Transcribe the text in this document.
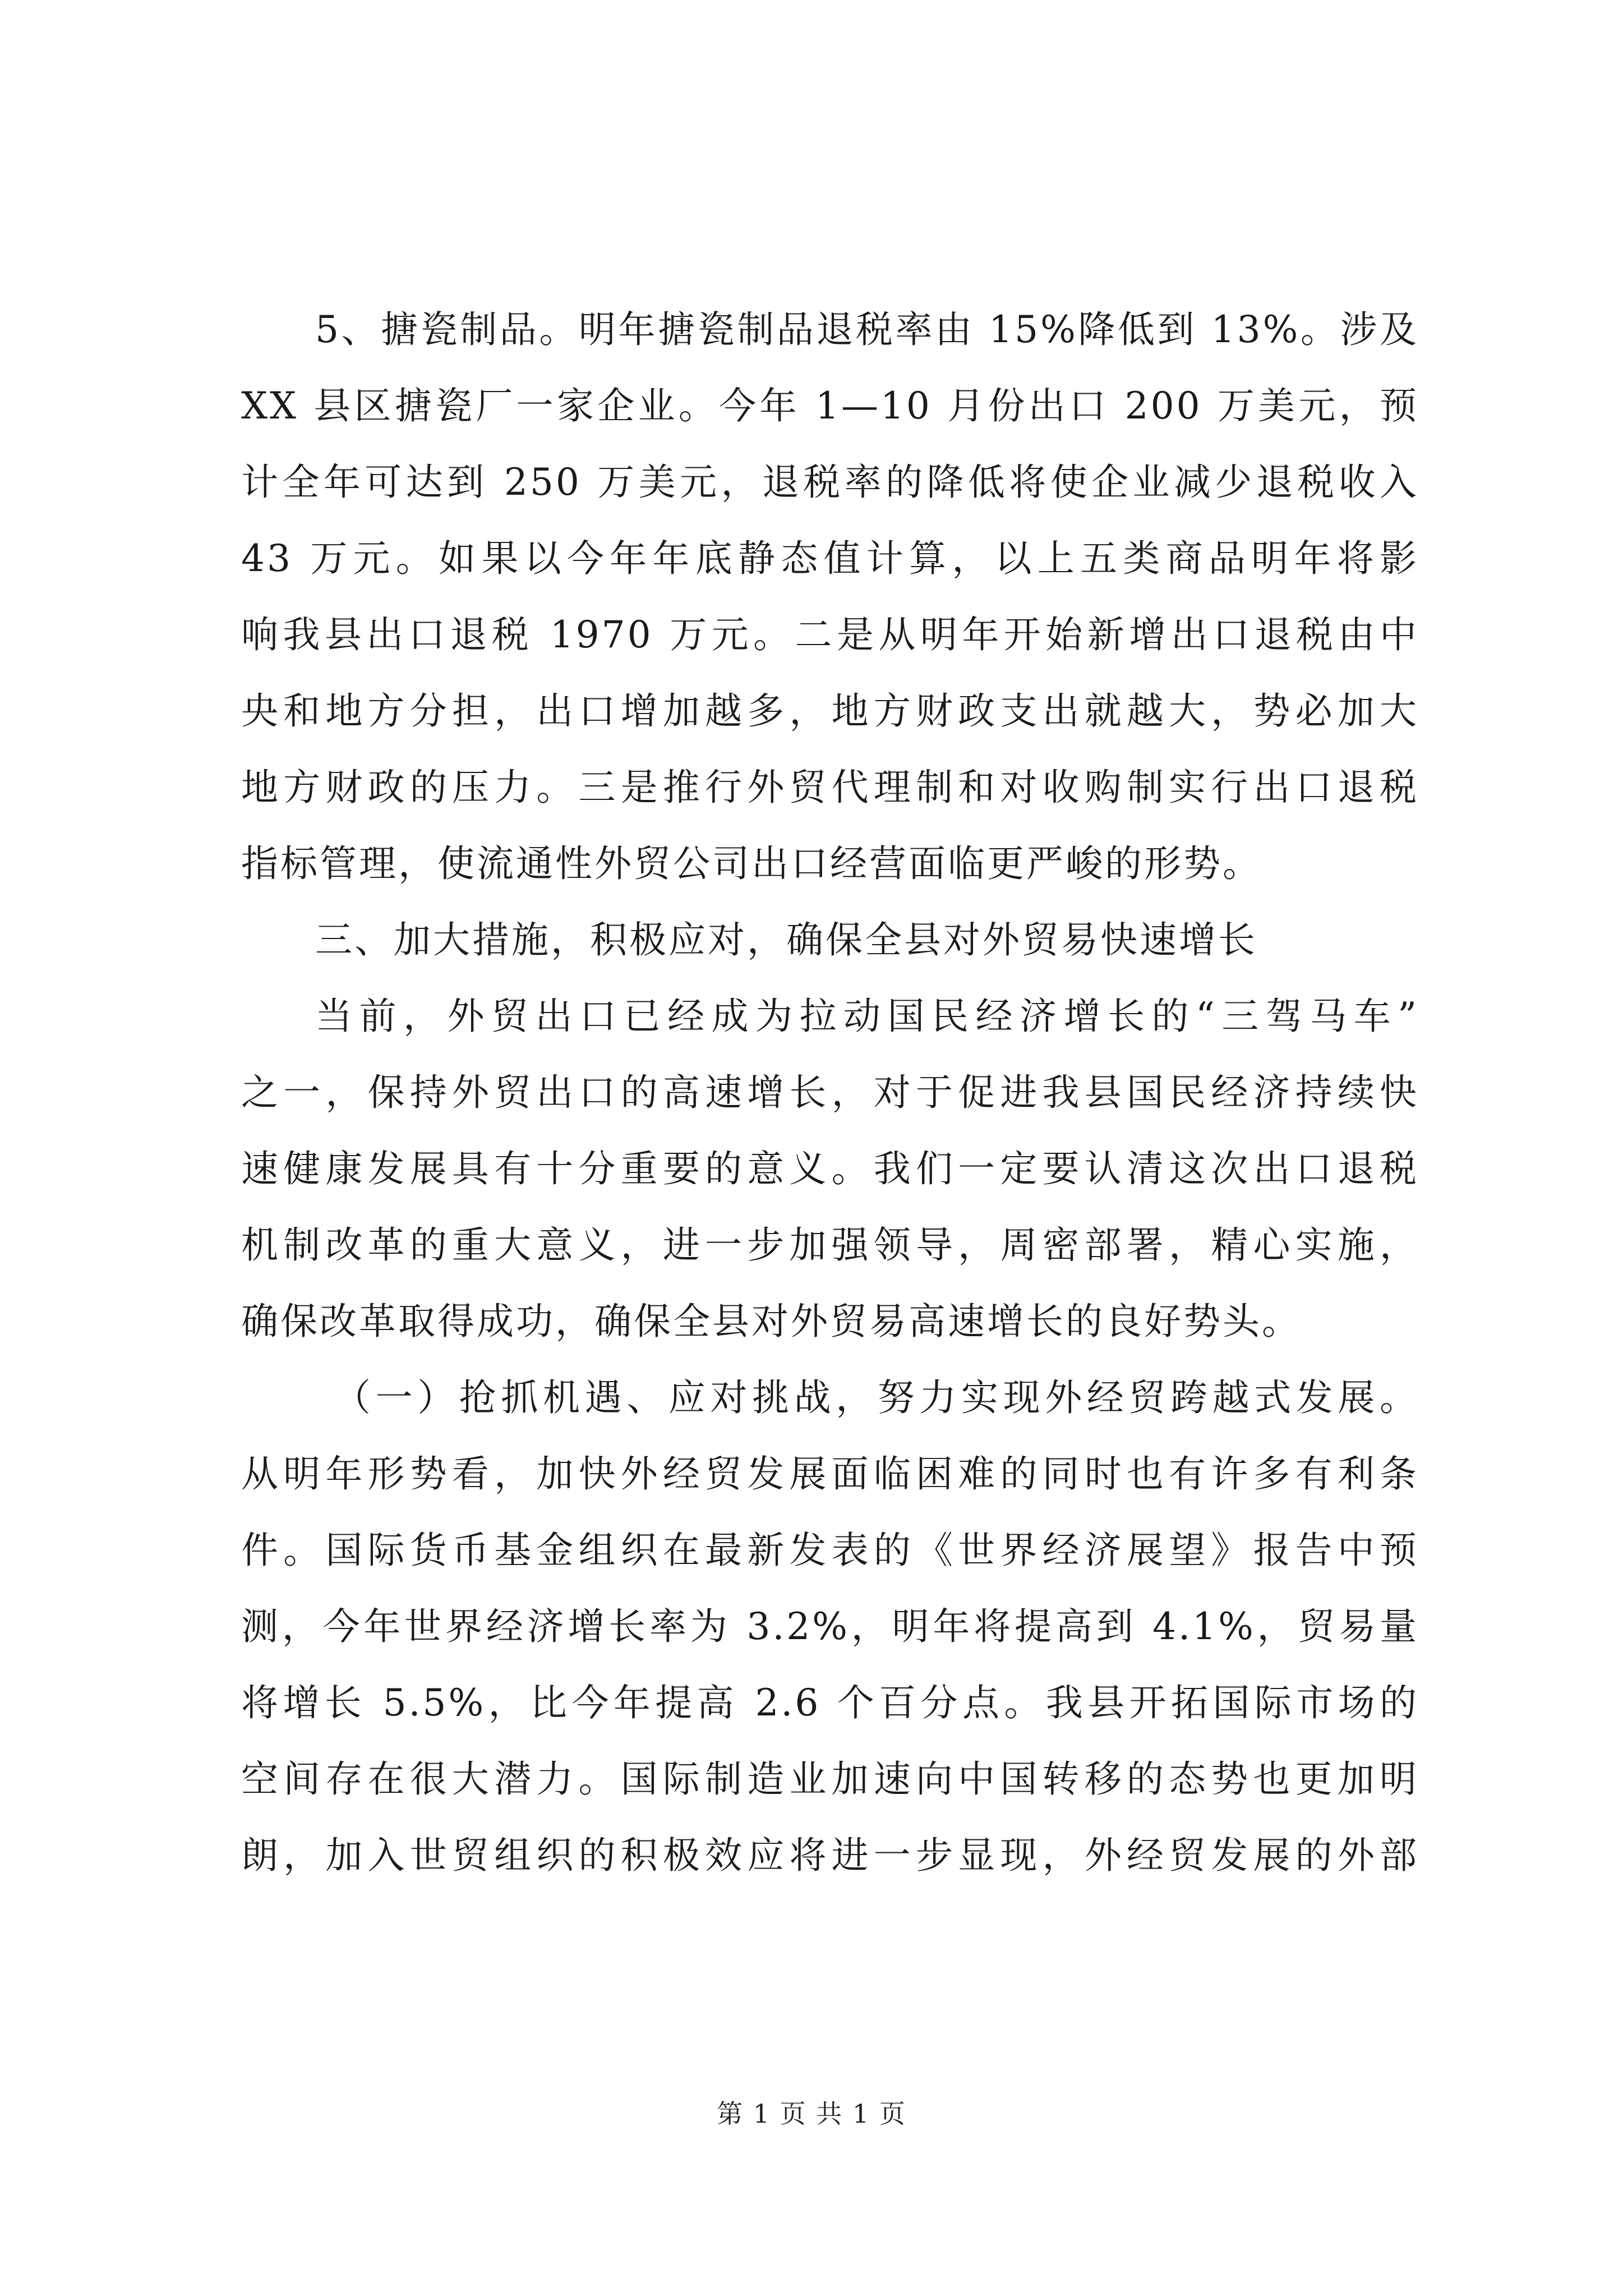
5、搪瓷制品。明年搪瓷制品退税率由 15%降低到 13%。涉及
XX 县区搪瓷厂一家企业。今年 1—10 月份出口 200 万美元，预
计全年可达到 250 万美元，退税率的降低将使企业减少退税收入
43 万元。如果以今年年底静态值计算，以上五类商品明年将影
响我县出口退税 1970 万元。二是从明年开始新增出口退税由中
央和地方分担，出口增加越多，地方财政支出就越大，势必加大
地方财政的压力。三是推行外贸代理制和对收购制实行出口退税
指标管理，使流通性外贸公司出口经营面临更严峻的形势。
三、加大措施，积极应对，确保全县对外贸易快速增长
当前，外贸出口已经成为拉动国民经济增长的“三驾马车”
之一，保持外贸出口的高速增长，对于促进我县国民经济持续快
速健康发展具有十分重要的意义。我们一定要认清这次出口退税
机制改革的重大意义，进一步加强领导，周密部署，精心实施，
确保改革取得成功，确保全县对外贸易高速增长的良好势头。
（一）抢抓机遇、应对挑战，努力实现外经贸跨越式发展。
从明年形势看，加快外经贸发展面临困难的同时也有许多有利条
件。国际货币基金组织在最新发表的《世界经济展望》报告中预
测，今年世界经济增长率为 3.2%，明年将提高到 4.1%，贸易量
将增长 5.5%，比今年提高 2.6 个百分点。我县开拓国际市场的
空间存在很大潜力。国际制造业加速向中国转移的态势也更加明
朗，加入世贸组织的积极效应将进一步显现，外经贸发展的外部
第 1 页 共 1 页
